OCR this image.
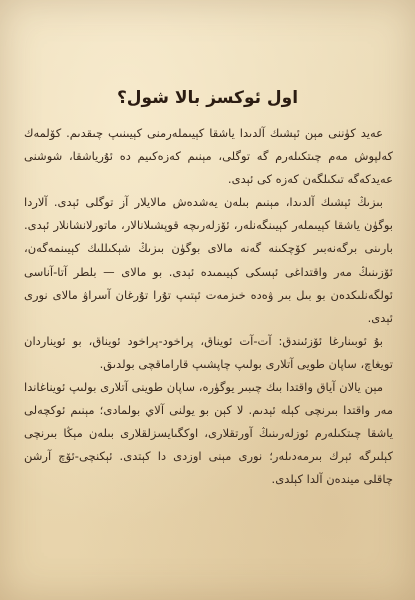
اول ئوكسز بالا شول؟

عەيد كۈننى مېن ئېشىك آلدىدا ياشقا كېيىملەرمنى كېيىنىپ چىقدىم. كۆلمەك كەلپوش مەم چىتكىلەرم گە توگلى، مېنىم كەزەكىيم دە ئۇرياشقا، شوشنى عەيدكەگە تىكىلگەن كەزە كى ئېدى.

بىزىڭ ئېشىك آلدىدا، مېنىم بىلەن يەشدەش مالايلار آز توگلى ئېدى. آلاردا بوگۈن ياشقا كېيىملەر كېيىنگەنلەر، ئۆزلەرىچە قوپشىلانالار، ماتورلانشانلار ئېدى. بارىنى برگەنەبىر كۆچكىنە گەنە مالاى بوگۈن بىزىڭ شېكىللىك كېيىنمەگەن، ئۆزىنىڭ مەر واقتداغى ئېسكى كېيىمىدە ئېدى. بو مالاى — بلطر آتا-آناسى ئولگەنلىكدەن بو بىل بىر ۋەدە خىزمەت ئېتىپ تۇرا تۇرغان آسراۋ مالاى نورى ئېدى.

بۇ ئوبىنارغا ئۆزئىندق: آت-آت ئويناق، پراخود-پراخود ئويناق، بو ئويناردان تويغاچ، ساپان طويى آتلارى بولىپ چاپشىپ قاراماقچى بولدىق.

مېن يالان آياق واقتدا بىك چىبىر يوگۈرە، ساپان طوينى آتلارى بولىپ ئويناغاندا مەر واقتدا بىرنچى كېلە ئېدىم. لا كېن بو يولنى آلاي بولمادى؛ مېنىم ئوكچەلى ياشقا چىتكىلەرم ئوزلەرىنىڭ آورتقلارى، اوكگىايسزلقلارى بىلەن مېڭا بىرنچى كېلىرگە ئېرك بىرمەدىلەر؛ نورى مېنى اوزدى دا كېتدى. ئېكنچى-ئۆچ آرشن چاقلى ميندەن آلدا كېلدى.
